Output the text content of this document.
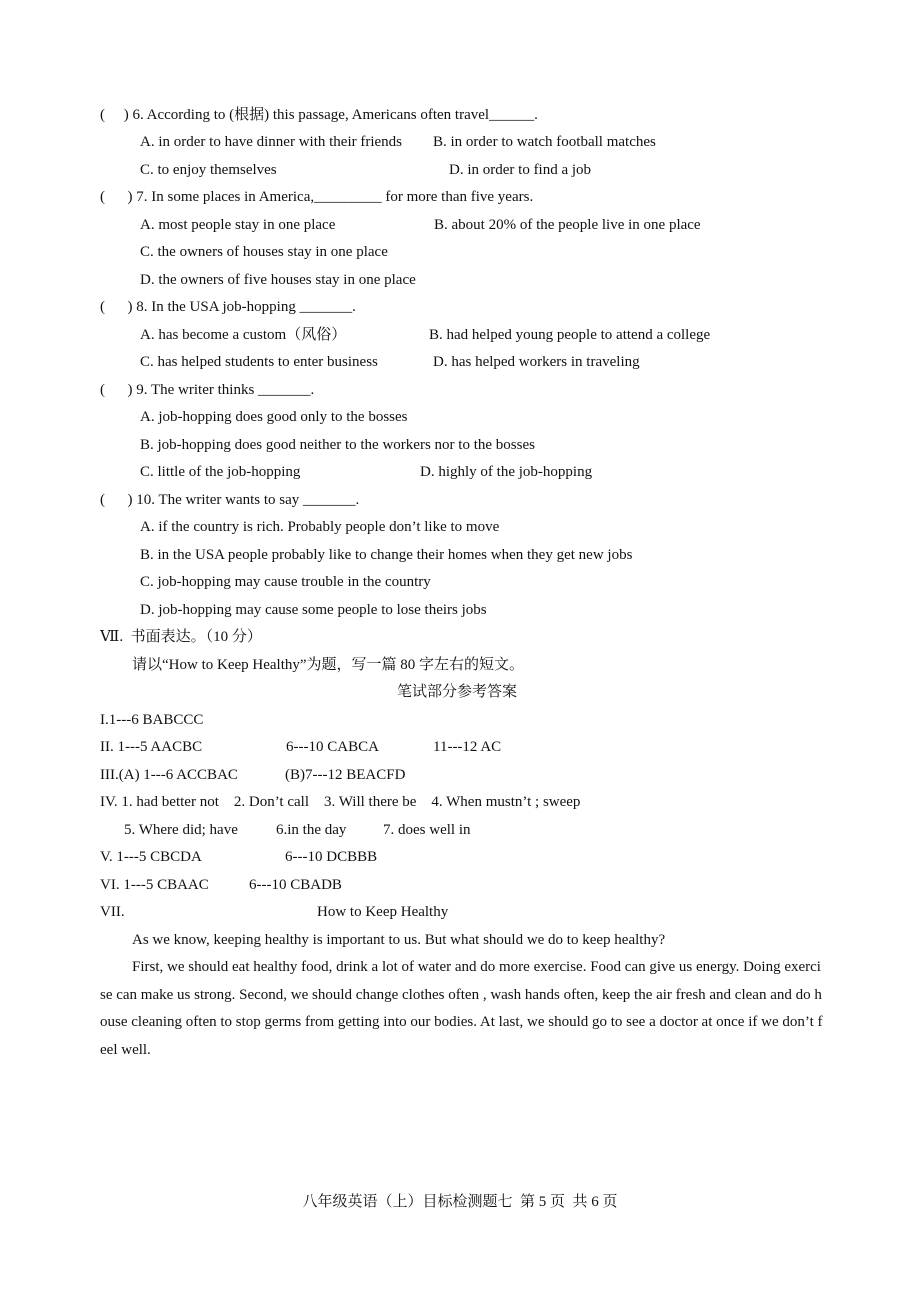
(     ) 6. According to (根据) this passage, Americans often travel______.
A. in order to have dinner with their friends B. in order to watch football matches
C. to enjoy themselves	D. in order to find a job
(      ) 7. In some places in America,_________ for more than five years.
A. most people stay in one place	B. about 20% of the people live in one place
C. the owners of houses stay in one place
D. the owners of five houses stay in one place
(      ) 8. In the USA job-hopping _______.
A. has become a custom（风俗）	B. had helped young people to attend a college
C. has helped students to enter business	D. has helped workers in traveling
(      ) 9. The writer thinks _______.
A. job-hopping does good only to the bosses
B. job-hopping does good neither to the workers nor to the bosses
C. little of the job-hopping	D. highly of the job-hopping
(      ) 10. The writer wants to say _______.
A. if the country is rich. Probably people don’t like to move
B. in the USA people probably like to change their homes when they get new jobs
C. job-hopping may cause trouble in the country
D. job-hopping may cause some people to lose theirs jobs
Ⅶ.  书面表达。（10 分）
请以“How to Keep Healthy”为题，写一篇 80 字左右的短文。
笔试部分参考答案
I.1---6 BABCCC
II. 1---5 AACBC	6---10 CABCA	11---12 AC
III.(A) 1---6 ACCBAC	(B)7---12 BEACFD
IV. 1. had better not    2. Don’t call    3. Will there be    4. When mustn’t ; sweep
5. Where did; have	6.in the day 7. does well in
V. 1---5 CBCDA	6---10 DCBBB
VI. 1---5 CBAAC	6---10 CBADB
VII.	How to Keep Healthy
As we know, keeping healthy is important to us. But what should we do to keep healthy?
First, we should eat healthy food, drink a lot of water and do more exercise. Food can give us energy. Doing exercise can make us strong. Second, we should change clothes often , wash hands often, keep the air fresh and clean and do house cleaning often to stop germs from getting into our bodies. At last, we should go to see a doctor at once if we don’t feel well.
八年级英语（上）目标检测题七  第 5 页  共 6 页
